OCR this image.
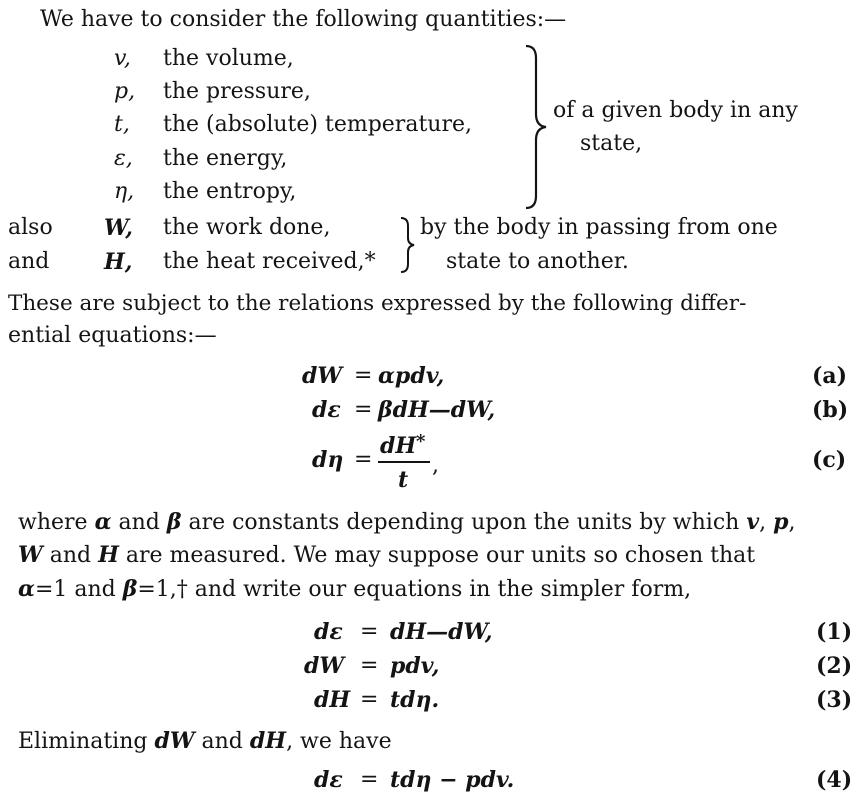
We have to consider the following quantities:—
v, the volume,
p, the pressure,
t, the (absolute) temperature,
ε, the energy,
η, the entropy,
of a given body in any
state,
also W, the work done,
and H, the heat received,*
by the body in passing from one
state to another.
These are subject to the relations expressed by the following differ-
ential equations:—
dW = αpdv,	(a)
dε = βdH—dW,	(b)
dη =
dH *
t
,	(c)
where α and β are constants depending upon the units by which v, p,
W and H are measured. We may suppose our units so chosen that
α=1 and β=1,† and write our equations in the simpler form,
dε = dH—dW,	(1)
dW = pdv,	(2)
dH = tdη.	(3)
Eliminating dW and dH, we have
dε = tdη − pdv.	(4)
